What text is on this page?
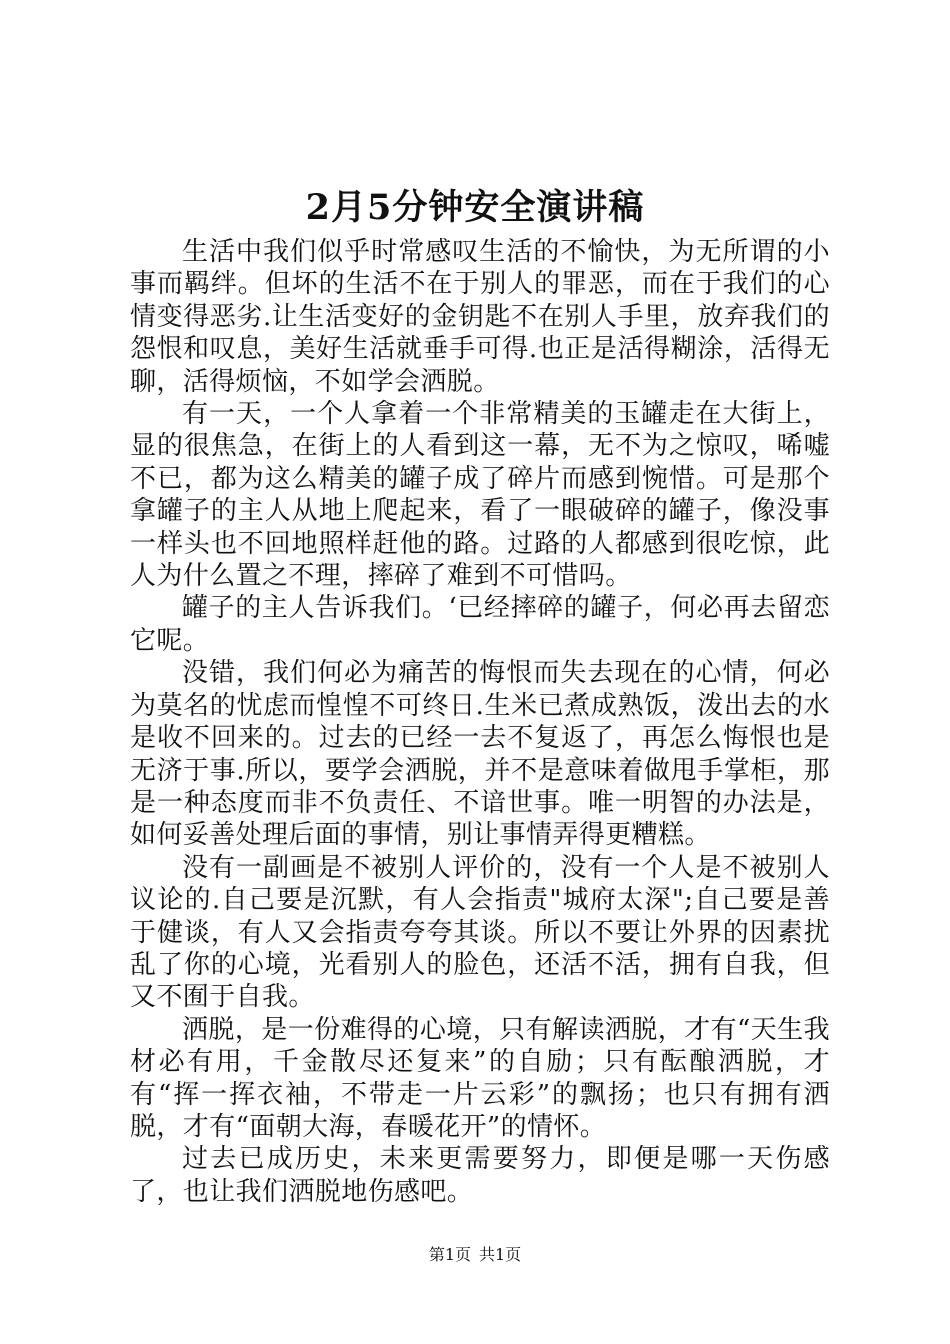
2月5分钟安全演讲稿

生活中我们似乎时常感叹生活的不愉快，为无所谓的小事而羁绊。但坏的生活不在于别人的罪恶，而在于我们的心情变得恶劣.让生活变好的金钥匙不在别人手里，放弃我们的怨恨和叹息，美好生活就垂手可得.也正是活得糊涂，活得无聊，活得烦恼，不如学会洒脱。

有一天，一个人拿着一个非常精美的玉罐走在大街上，显的很焦急，在街上的人看到这一幕，无不为之惊叹，唏嘘不已，都为这么精美的罐子成了碎片而感到惋惜。可是那个拿罐子的主人从地上爬起来，看了一眼破碎的罐子，像没事一样头也不回地照样赶他的路。过路的人都感到很吃惊，此人为什么置之不理，摔碎了难到不可惜吗。

罐子的主人告诉我们。‘已经摔碎的罐子，何必再去留恋它呢。

没错，我们何必为痛苦的悔恨而失去现在的心情，何必为莫名的忧虑而惶惶不可终日.生米已煮成熟饭，泼出去的水是收不回来的。过去的已经一去不复返了，再怎么悔恨也是无济于事.所以，要学会洒脱，并不是意味着做甩手掌柜，那是一种态度而非不负责任、不谙世事。唯一明智的办法是，如何妥善处理后面的事情，别让事情弄得更糟糕。

没有一副画是不被别人评价的，没有一个人是不被别人议论的.自己要是沉默，有人会指责"城府太深";自己要是善于健谈，有人又会指责夸夸其谈。所以不要让外界的因素扰乱了你的心境，光看别人的脸色，还活不活，拥有自我，但又不囿于自我。

洒脱，是一份难得的心境，只有解读洒脱，才有“天生我材必有用，千金散尽还复来”的自励；只有酝酿洒脱，才有“挥一挥衣袖，不带走一片云彩”的飘扬；也只有拥有洒脱，才有“面朝大海，春暖花开”的情怀。

过去已成历史，未来更需要努力，即便是哪一天伤感了，也让我们洒脱地伤感吧。

第1页 共1页
